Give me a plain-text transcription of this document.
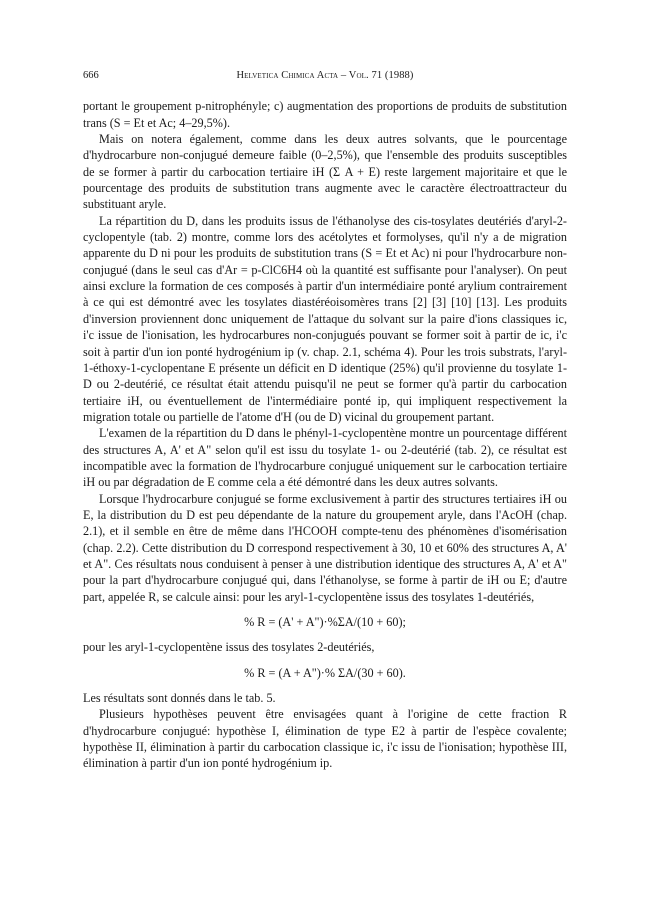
666	Helvetica Chimica Acta – Vol. 71 (1988)

portant le groupement p-nitrophényle; c) augmentation des proportions de produits de substitution trans (S = Et et Ac; 4–29,5%).

Mais on notera également, comme dans les deux autres solvants, que le pourcentage d'hydrocarbure non-conjugué demeure faible (0–2,5%), que l'ensemble des produits susceptibles de se former à partir du carbocation tertiaire iH (Σ A + E) reste largement majoritaire et que le pourcentage des produits de substitution trans augmente avec le caractère électroattracteur du substituant aryle.

La répartition du D, dans les produits issus de l'éthanolyse des cis-tosylates deutériés d'aryl-2-cyclopentyle (tab. 2) montre, comme lors des acétolytes et formolyses, qu'il n'y a de migration apparente du D ni pour les produits de substitution trans (S = Et et Ac) ni pour l'hydrocarbure non-conjugué (dans le seul cas d'Ar = p-ClC6H4 où la quantité est suffisante pour l'analyser). On peut ainsi exclure la formation de ces composés à partir d'un intermédiaire ponté arylium contrairement à ce qui est démontré avec les tosylates diastéréoisomères trans [2] [3] [10] [13]. Les produits d'inversion proviennent donc uniquement de l'attaque du solvant sur la paire d'ions classiques ic, i'c issue de l'ionisation, les hydrocarbures non-conjugués pouvant se former soit à partir de ic, i'c soit à partir d'un ion ponté hydrogénium ip (v. chap. 2.1, schéma 4). Pour les trois substrats, l'aryl-1-éthoxy-1-cyclopentane E présente un déficit en D identique (25%) qu'il provienne du tosylate 1-D ou 2-deutérié, ce résultat était attendu puisqu'il ne peut se former qu'à partir du carbocation tertiaire iH, ou éventuellement de l'intermédiaire ponté ip, qui impliquent respectivement la migration totale ou partielle de l'atome d'H (ou de D) vicinal du groupement partant.

L'examen de la répartition du D dans le phényl-1-cyclopentène montre un pourcentage différent des structures A, A' et A" selon qu'il est issu du tosylate 1- ou 2-deutérié (tab. 2), ce résultat est incompatible avec la formation de l'hydrocarbure conjugué uniquement sur le carbocation tertiaire iH ou par dégradation de E comme cela a été démontré dans les deux autres solvants.

Lorsque l'hydrocarbure conjugué se forme exclusivement à partir des structures tertiaires iH ou E, la distribution du D est peu dépendante de la nature du groupement aryle, dans l'AcOH (chap. 2.1), et il semble en être de même dans l'HCOOH compte-tenu des phénomènes d'isomérisation (chap. 2.2). Cette distribution du D correspond respectivement à 30, 10 et 60% des structures A, A' et A". Ces résultats nous conduisent à penser à une distribution identique des structures A, A' et A" pour la part d'hydrocarbure conjugué qui, dans l'éthanolyse, se forme à partir de iH ou E; d'autre part, appelée R, se calcule ainsi: pour les aryl-1-cyclopentène issus des tosylates 1-deutériés,

% R = (A' + A")·%ΣA/(10 + 60);

pour les aryl-1-cyclopentène issus des tosylates 2-deutériés,

% R = (A + A")·% ΣA/(30 + 60).

Les résultats sont donnés dans le tab. 5.

Plusieurs hypothèses peuvent être envisagées quant à l'origine de cette fraction R d'hydrocarbure conjugué: hypothèse I, élimination de type E2 à partir de l'espèce covalente; hypothèse II, élimination à partir du carbocation classique ic, i'c issu de l'ionisation; hypothèse III, élimination à partir d'un ion ponté hydrogénium ip.
